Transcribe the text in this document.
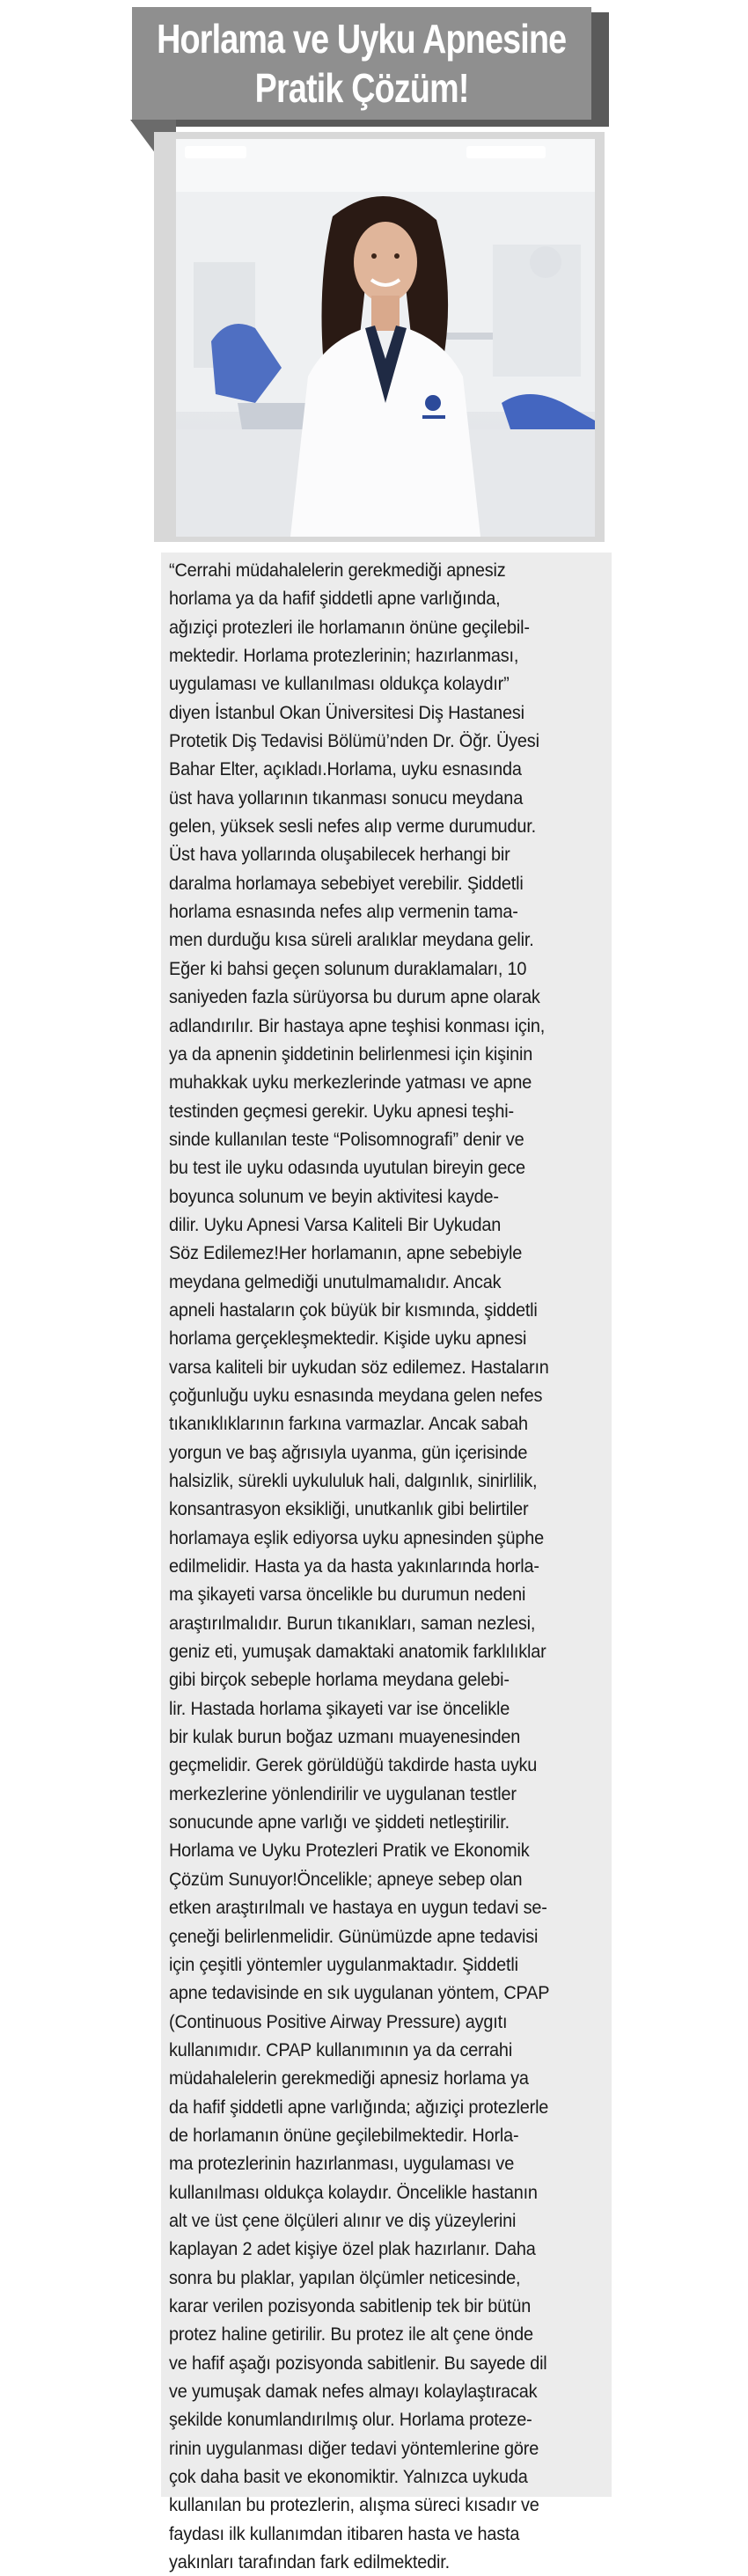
Horlama ve Uyku Apnesine
Pratik Çözüm!
“Cerrahi müdahalelerin gerekmediği apnesiz
horlama ya da hafif şiddetli apne varlığında,
ağıziçi protezleri ile horlamanın önüne geçilebil-
mektedir. Horlama protezlerinin; hazırlanması,
uygulaması ve kullanılması oldukça kolaydır”
diyen İstanbul Okan Üniversitesi Diş Hastanesi
Protetik Diş Tedavisi Bölümü’nden Dr. Öğr. Üyesi
Bahar Elter, açıkladı.Horlama, uyku esnasında
üst hava yollarının tıkanması sonucu meydana
gelen, yüksek sesli nefes alıp verme durumudur.
Üst hava yollarında oluşabilecek herhangi bir
daralma horlamaya sebebiyet verebilir. Şiddetli
horlama esnasında nefes alıp vermenin tama-
men durduğu kısa süreli aralıklar meydana gelir.
Eğer ki bahsi geçen solunum duraklamaları, 10
saniyeden fazla sürüyorsa bu durum apne olarak
adlandırılır. Bir hastaya apne teşhisi konması için,
ya da apnenin şiddetinin belirlenmesi için kişinin
muhakkak uyku merkezlerinde yatması ve apne
testinden geçmesi gerekir. Uyku apnesi teşhi-
sinde kullanılan teste “Polisomnografi” denir ve
bu test ile uyku odasında uyutulan bireyin gece
boyunca solunum ve beyin aktivitesi kayde-
dilir. Uyku Apnesi Varsa Kaliteli Bir Uykudan
Söz Edilemez!Her horlamanın, apne sebebiyle
meydana gelmediği unutulmamalıdır. Ancak
apneli hastaların çok büyük bir kısmında, şiddetli
horlama gerçekleşmektedir. Kişide uyku apnesi
varsa kaliteli bir uykudan söz edilemez. Hastaların
çoğunluğu uyku esnasında meydana gelen nefes
tıkanıklıklarının farkına varmazlar. Ancak sabah
yorgun ve baş ağrısıyla uyanma, gün içerisinde
halsizlik, sürekli uykululuk hali, dalgınlık, sinirlilik,
konsantrasyon eksikliği, unutkanlık gibi belirtiler
horlamaya eşlik ediyorsa uyku apnesinden şüphe
edilmelidir. Hasta ya da hasta yakınlarında horla-
ma şikayeti varsa öncelikle bu durumun nedeni
araştırılmalıdır. Burun tıkanıkları, saman nezlesi,
geniz eti, yumuşak damaktaki anatomik farklılıklar
gibi birçok sebeple horlama meydana gelebi-
lir. Hastada horlama şikayeti var ise öncelikle
bir kulak burun boğaz uzmanı muayenesinden
geçmelidir. Gerek görüldüğü takdirde hasta uyku
merkezlerine yönlendirilir ve uygulanan testler
sonucunde apne varlığı ve şiddeti netleştirilir.
Horlama ve Uyku Protezleri Pratik ve Ekonomik
Çözüm Sunuyor!Öncelikle; apneye sebep olan
etken araştırılmalı ve hastaya en uygun tedavi se-
çeneği belirlenmelidir. Günümüzde apne tedavisi
için çeşitli yöntemler uygulanmaktadır. Şiddetli
apne tedavisinde en sık uygulanan yöntem, CPAP
(Continuous Positive Airway Pressure) aygıtı
kullanımıdır. CPAP kullanımının ya da cerrahi
müdahalelerin gerekmediği apnesiz horlama ya
da hafif şiddetli apne varlığında; ağıziçi protezlerle
de horlamanın önüne geçilebilmektedir. Horla-
ma protezlerinin hazırlanması, uygulaması ve
kullanılması oldukça kolaydır. Öncelikle hastanın
alt ve üst çene ölçüleri alınır ve diş yüzeylerini
kaplayan 2 adet kişiye özel plak hazırlanır. Daha
sonra bu plaklar, yapılan ölçümler neticesinde,
karar verilen pozisyonda sabitlenip tek bir bütün
protez haline getirilir. Bu protez ile alt çene önde
ve hafif aşağı pozisyonda sabitlenir. Bu sayede dil
ve yumuşak damak nefes almayı kolaylaştıracak
şekilde konumlandırılmış olur. Horlama proteze-
rinin uygulanması diğer tedavi yöntemlerine göre
çok daha basit ve ekonomiktir. Yalnızca uykuda
kullanılan bu protezlerin, alışma süreci kısadır ve
faydası ilk kullanımdan itibaren hasta ve hasta
yakınları tarafından fark edilmektedir.
